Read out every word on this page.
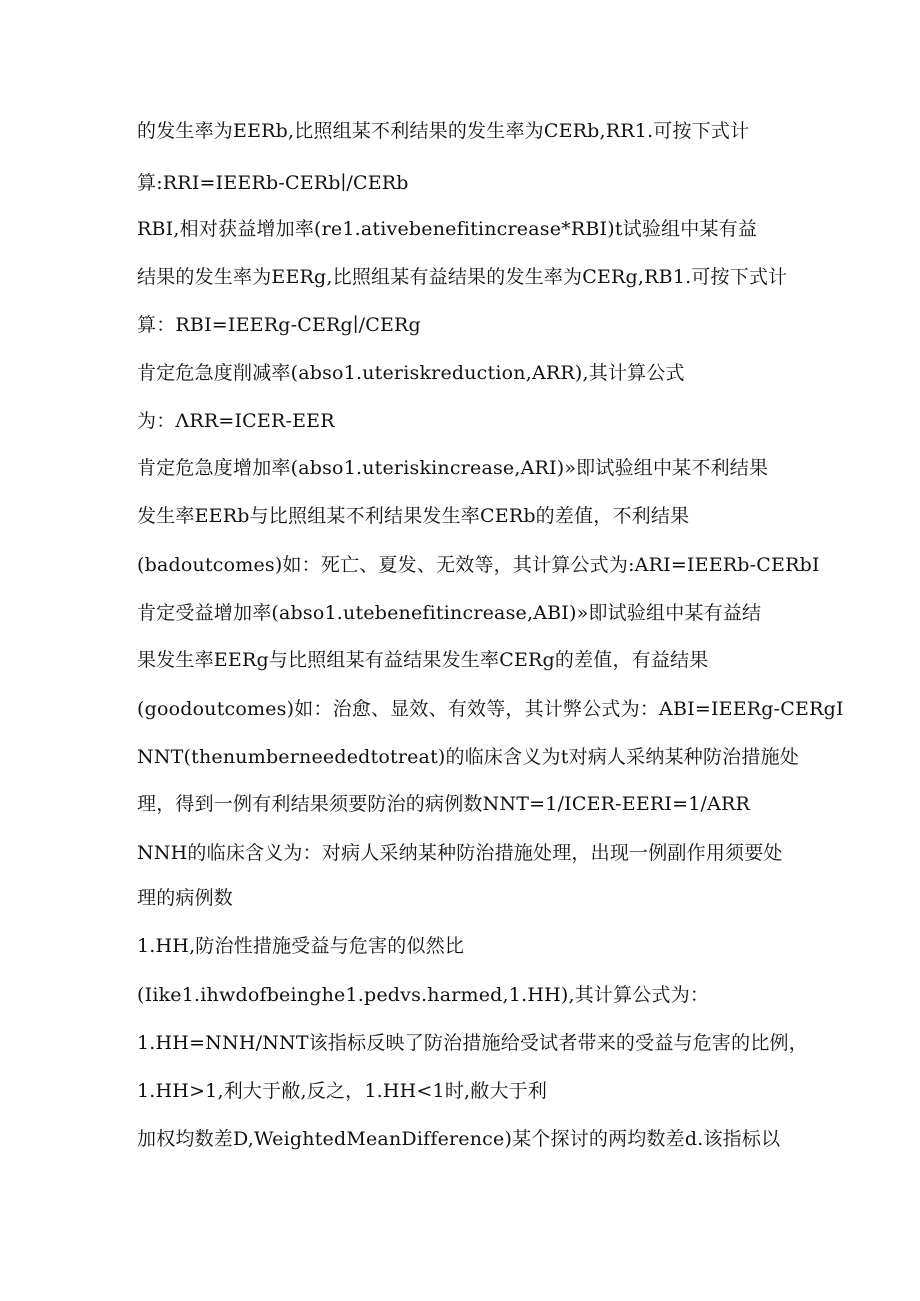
的发生率为EERb,比照组某不利结果的发生率为CERb,RR1.可按下式计
算:RRI=IEERb-CERb∣/CERb
RBI,相对获益增加率(re1.ativebenefitincrease*RBI)t试验组中某有益
结果的发生率为EERg,比照组某有益结果的发生率为CERg,RB1.可按下式计
算：RBI=IEERg-CERg∣/CERg
肯定危急度削减率(abso1.uteriskreduction,ARR),其计算公式
为：ΛRR=ICER-EER
肯定危急度增加率(abso1.uteriskincrease,ARI)»即试验组中某不利结果
发生率EERb与比照组某不利结果发生率CERb的差值，不利结果
(badoutcomes)如：死亡、夏发、无效等，其计算公式为:ARI=IEERb-CERbI
肯定受益增加率(abso1.utebenefitincrease,ABI)»即试验组中某有益结
果发生率EERg与比照组某有益结果发生率CERg的差值，有益结果
(goodoutcomes)如：治愈、显效、有效等，其计弊公式为：ABI=IEERg-CERgI
NNT(thenumberneededtotreat)的临床含义为t对病人采纳某种防治措施处
理，得到一例有利结果须要防治的病例数NNT=1∕ICER-EERI=1∕ARR
NNH的临床含义为：对病人采纳某种防治措施处理，出现一例副作用须要处
理的病例数
1.HH,防治性措施受益与危害的似然比
(Iike1.ihwdofbeinghe1.pedvs.harmed,1.HH),其计算公式为：
1.HH=NNH/NNT该指标反映了防治措施给受试者带来的受益与危害的比例，
1.HH>1,利大于敝,反之，1.HH<1时,敝大于利
加权均数差D,WeightedMeanDifference)某个探讨的两均数差d.该指标以
